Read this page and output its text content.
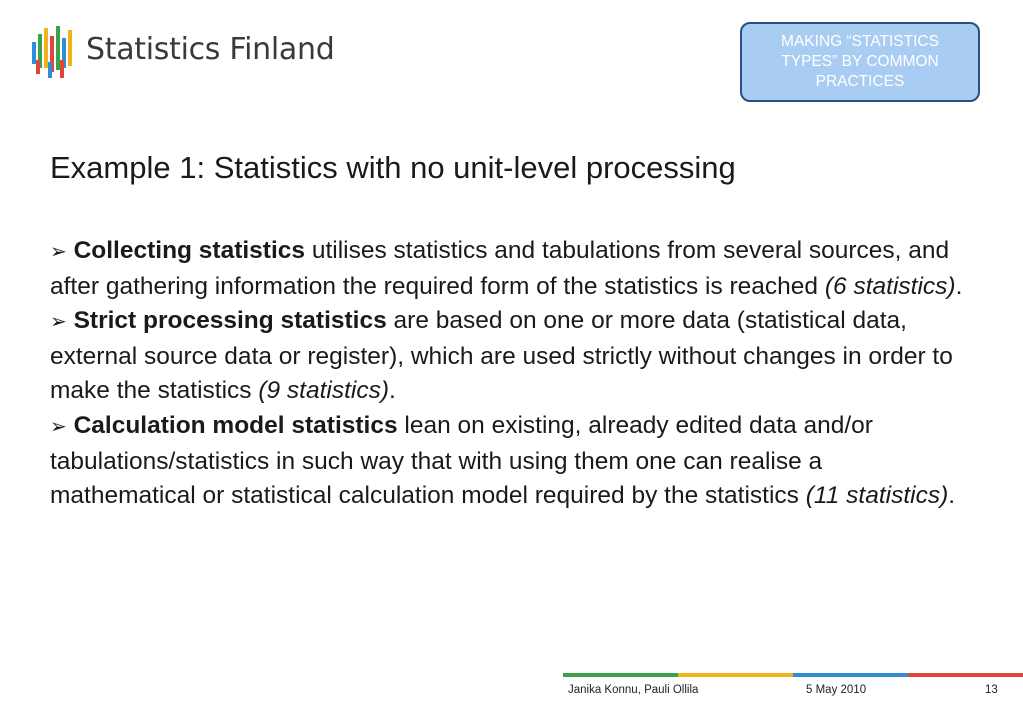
Statistics Finland	MAKING “STATISTICS TYPES” BY COMMON PRACTICES
Example 1: Statistics with no unit-level processing

➢ Collecting statistics utilises statistics and tabulations from several sources, and after gathering information the required form of the statistics is reached (6 statistics).

➢ Strict processing statistics are based on one or more data (statistical data, external source data or register), which are used strictly without changes in order to make the statistics (9 statistics).

➢ Calculation model statistics lean on existing, already edited data and/or  tabulations/statistics in such way that with using them one can realise a mathematical or statistical calculation model required by the statistics (11 statistics).

Janika Konnu, Pauli Ollila	5 May 2010	13
